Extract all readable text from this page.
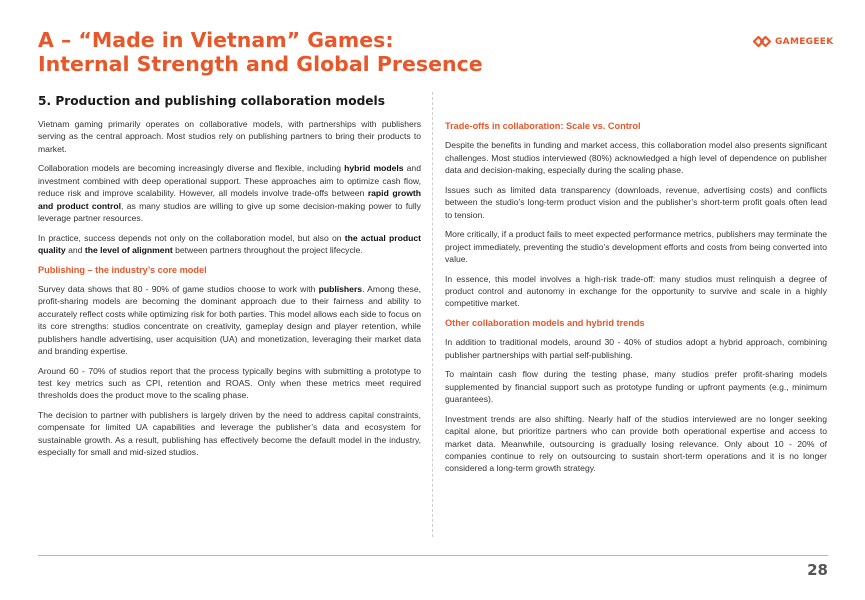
A – “Made in Vietnam” Games:
Internal Strength and Global Presence
GAMEGEEK
5. Production and publishing collaboration models

Vietnam gaming primarily operates on collaborative models, with partnerships with publishers serving as the central approach. Most studios rely on publishing partners to bring their products to market.

Collaboration models are becoming increasingly diverse and flexible, including hybrid models and investment combined with deep operational support. These approaches aim to optimize cash flow, reduce risk and improve scalability. However, all models involve trade-offs between rapid growth and product control, as many studios are willing to give up some decision-making power to fully leverage partner resources.

In practice, success depends not only on the collaboration model, but also on the actual product quality and the level of alignment between partners throughout the project lifecycle.

Publishing – the industry’s core model

Survey data shows that 80 - 90% of game studios choose to work with publishers. Among these, profit-sharing models are becoming the dominant approach due to their fairness and ability to accurately reflect costs while optimizing risk for both parties. This model allows each side to focus on its core strengths: studios concentrate on creativity, gameplay design and player retention, while publishers handle advertising, user acquisition (UA) and monetization, leveraging their market data and branding expertise.

Around 60 - 70% of studios report that the process typically begins with submitting a prototype to test key metrics such as CPI, retention and ROAS. Only when these metrics meet required thresholds does the product move to the scaling phase.

The decision to partner with publishers is largely driven by the need to address capital constraints, compensate for limited UA capabilities and leverage the publisher’s data and ecosystem for sustainable growth. As a result, publishing has effectively become the default model in the industry, especially for small and mid-sized studios.

Trade-offs in collaboration: Scale vs. Control

Despite the benefits in funding and market access, this collaboration model also presents significant challenges. Most studios interviewed (80%) acknowledged a high level of dependence on publisher data and decision-making, especially during the scaling phase.

Issues such as limited data transparency (downloads, revenue, advertising costs) and conflicts between the studio’s long-term product vision and the publisher’s short-term profit goals often lead to tension.

More critically, if a product fails to meet expected performance metrics, publishers may terminate the project immediately, preventing the studio’s development efforts and costs from being converted into value.

In essence, this model involves a high-risk trade-off: many studios must relinquish a degree of product control and autonomy in exchange for the opportunity to survive and scale in a highly competitive market.

Other collaboration models and hybrid trends

In addition to traditional models, around 30 - 40% of studios adopt a hybrid approach, combining publisher partnerships with partial self-publishing.

To maintain cash flow during the testing phase, many studios prefer profit-sharing models supplemented by financial support such as prototype funding or upfront payments (e.g., minimum guarantees).

Investment trends are also shifting. Nearly half of the studios interviewed are no longer seeking capital alone, but prioritize partners who can provide both operational expertise and access to market data. Meanwhile, outsourcing is gradually losing relevance. Only about 10 - 20% of companies continue to rely on outsourcing to sustain short-term operations and it is no longer considered a long-term growth strategy.

28
